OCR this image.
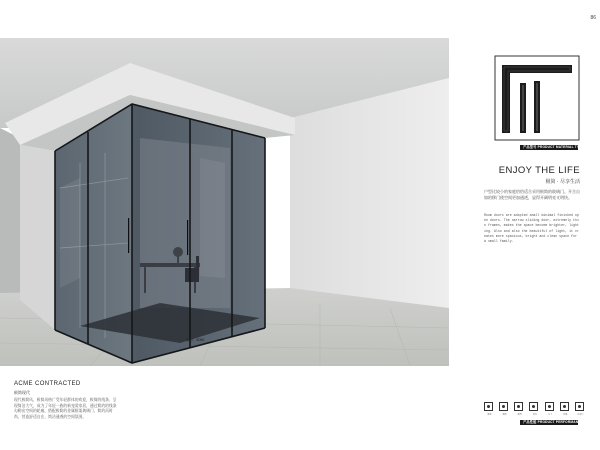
型号：8086
86
产品型号 PRODUCT MATERIAL TYPE
ENJOY THE LIFE
极简 · 尽享生活
户型比较小的家庭恰恰适合采用极简的玻璃门。开合自如的移门使空间更加通透，显得开阔明亮又明快。
Room doors are adopted small minimal finished open doors. The narrow sliding door, extremely thin frames, makes the space become brighter, lighting. Also and also the beautiful of light, it creates more spacious, bright and clean space for a small family.
ACME CONTRACTED
极简现代
现代极简风，极简风格广受年轻群体的欢迎，极简的线条，呈现简洁大气，成为了年轻一族的新宠爱家居，通过简约的线条勾勒出空间的轮廓，搭配极简的金属框架玻璃门，简约而时尚，营造舒适自在、简洁通透的空间氛围。
静音	顺滑	耐用	密封	安全	环保	易清洁
产品性能 PRODUCT PERFORMANCE
